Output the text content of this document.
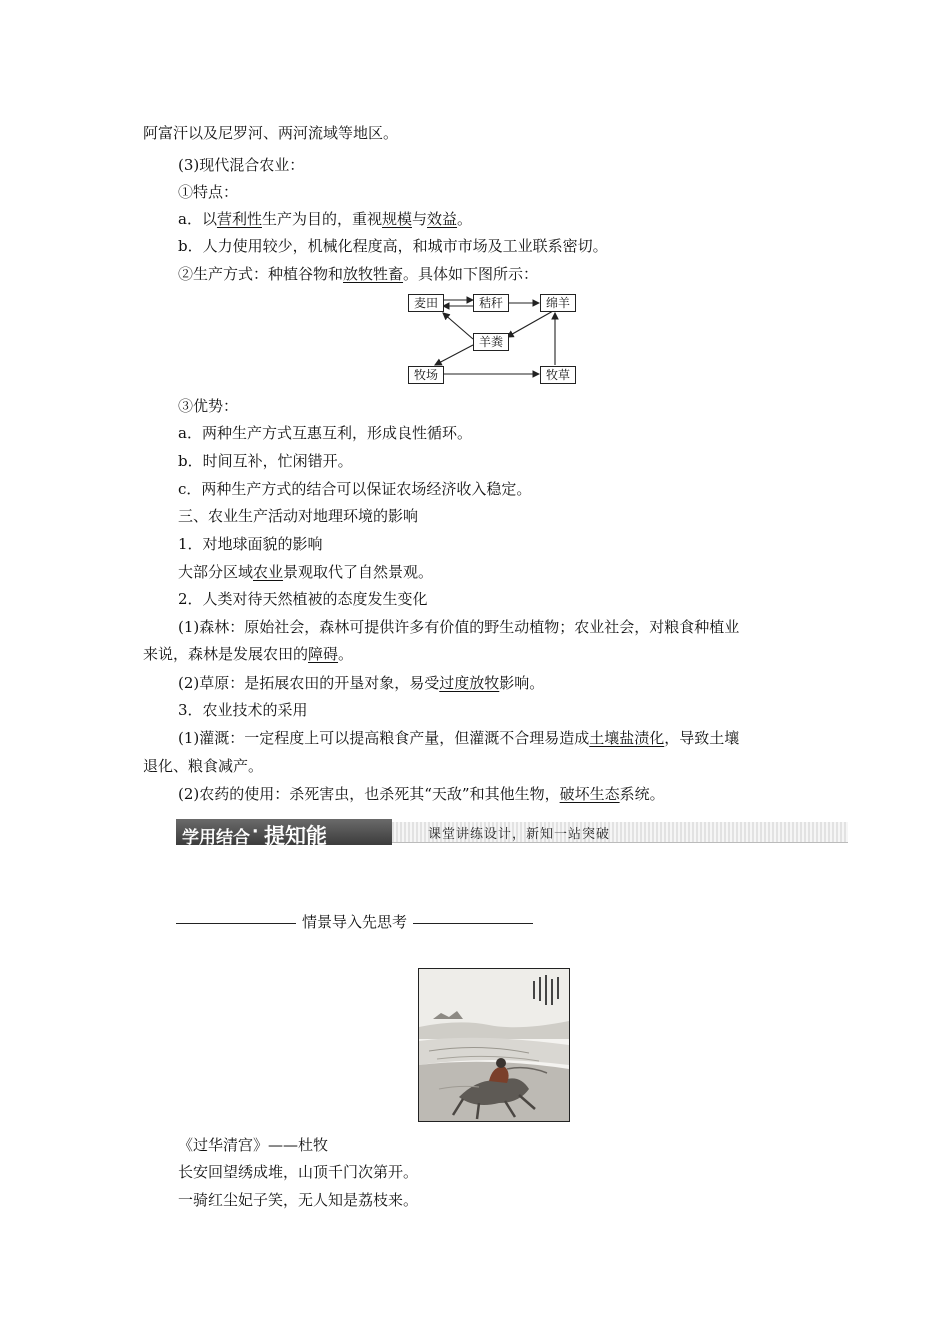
阿富汗以及尼罗河、两河流域等地区。
(3)现代混合农业：
①特点：
a．以营利性生产为目的，重视规模与效益。
b．人力使用较少，机械化程度高，和城市市场及工业联系密切。
②生产方式：种植谷物和放牧牲畜。具体如下图所示：
麦田	秸秆	绵羊
羊粪
牧场	牧草
③优势：
a．两种生产方式互惠互利，形成良性循环。
b．时间互补，忙闲错开。
c．两种生产方式的结合可以保证农场经济收入稳定。
三、农业生产活动对地理环境的影响
1．对地球面貌的影响
大部分区域农业景观取代了自然景观。
2．人类对待天然植被的态度发生变化
(1)森林：原始社会，森林可提供许多有价值的野生动植物；农业社会，对粮食种植业
来说，森林是发展农田的障碍。
(2)草原：是拓展农田的开垦对象，易受过度放牧影响。
3．农业技术的采用
(1)灌溉：一定程度上可以提高粮食产量，但灌溉不合理易造成土壤盐渍化，导致土壤
退化、粮食减产。
(2)农药的使用：杀死害虫，也杀死其“天敌”和其他生物，破坏生态系统。
学用结合 · 提知能	课堂讲练设计，新知一站突破
情景导入先思考
《过华清宫》——杜牧
长安回望绣成堆，山顶千门次第开。
一骑红尘妃子笑，无人知是荔枝来。
